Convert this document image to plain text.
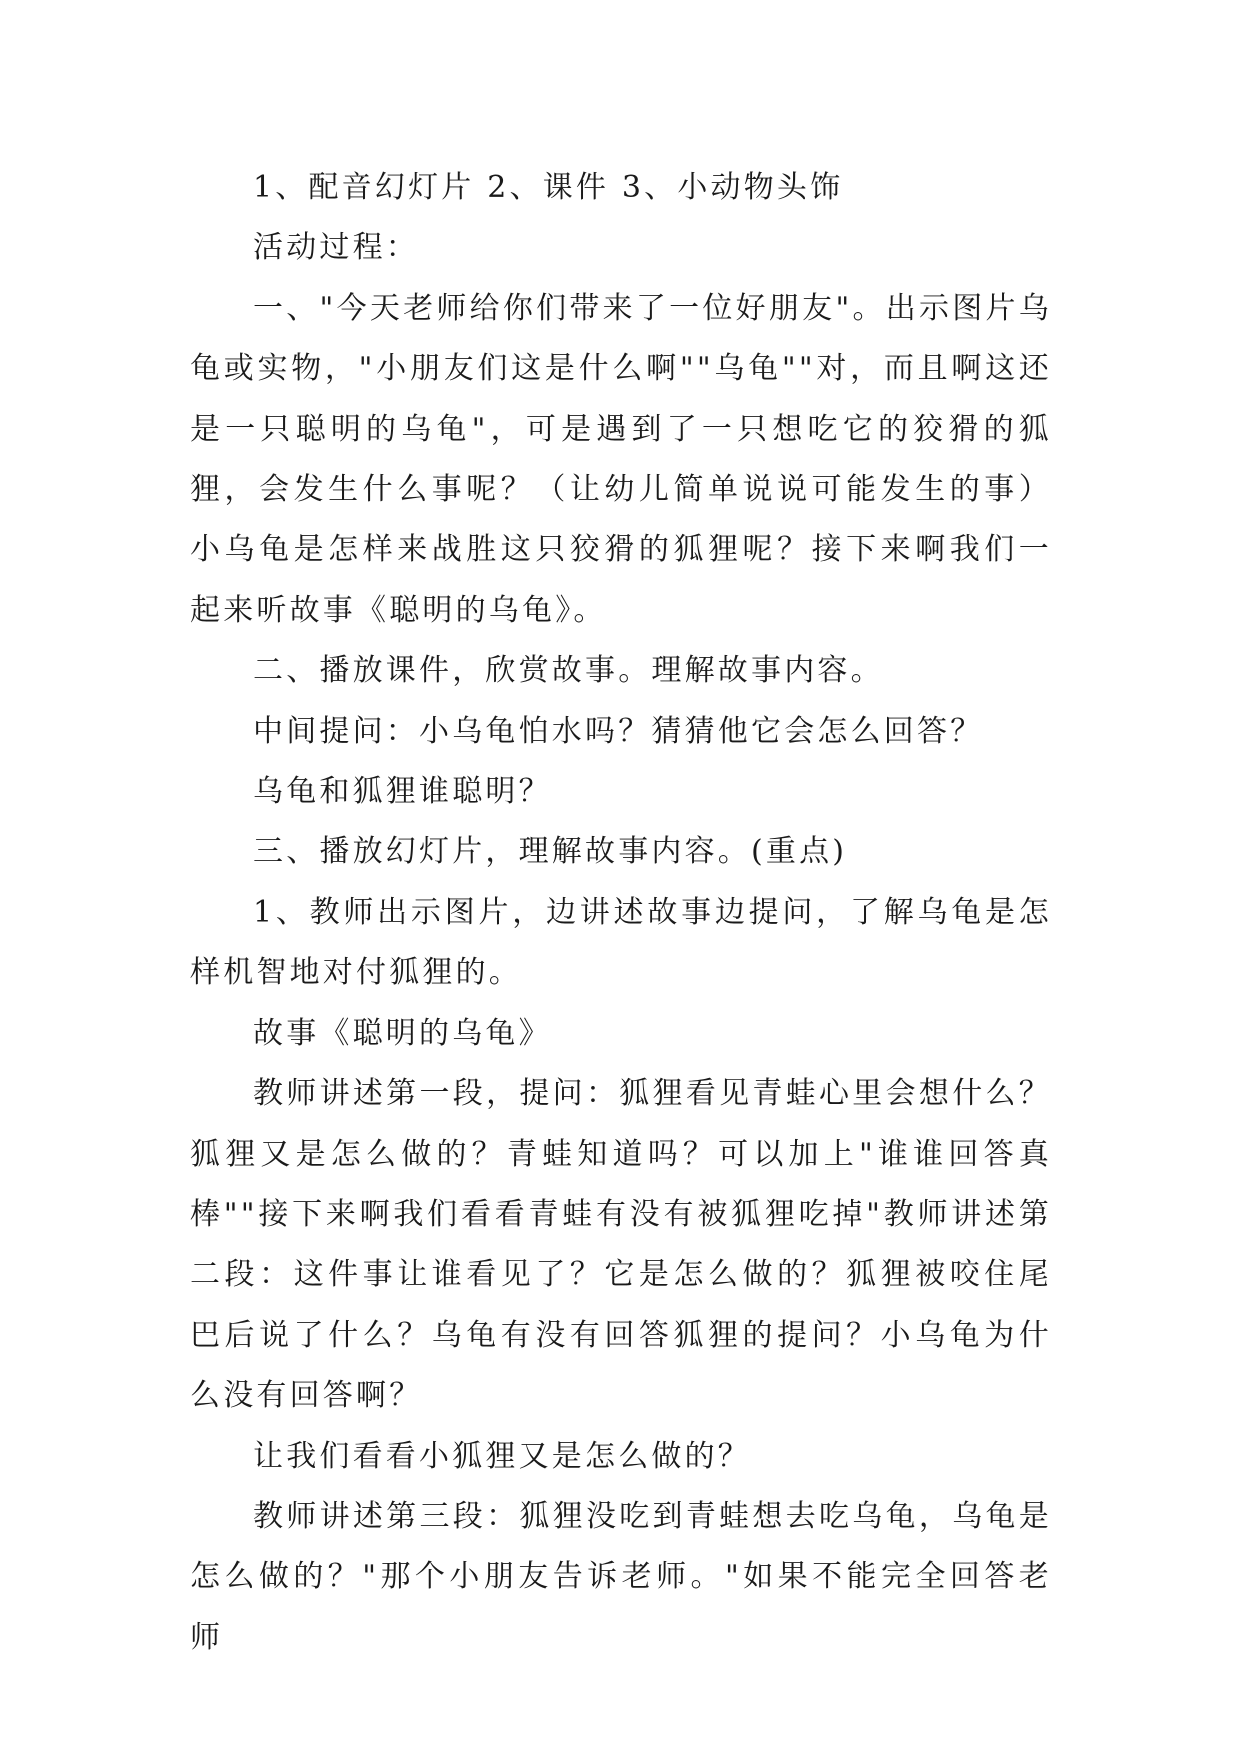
1、配音幻灯片 2、课件 3、小动物头饰

活动过程：

一、"今天老师给你们带来了一位好朋友"。出示图片乌龟或实物，"小朋友们这是什么啊""乌龟""对，而且啊这还是一只聪明的乌龟"，可是遇到了一只想吃它的狡猾的狐狸，会发生什么事呢？（让幼儿简单说说可能发生的事）小乌龟是怎样来战胜这只狡猾的狐狸呢？接下来啊我们一起来听故事《聪明的乌龟》。

二、播放课件，欣赏故事。理解故事内容。

中间提问：小乌龟怕水吗？猜猜他它会怎么回答？

乌龟和狐狸谁聪明？

三、播放幻灯片，理解故事内容。(重点)

1、教师出示图片，边讲述故事边提问，了解乌龟是怎样机智地对付狐狸的。

故事《聪明的乌龟》

教师讲述第一段，提问：狐狸看见青蛙心里会想什么？狐狸又是怎么做的？青蛙知道吗？可以加上"谁谁回答真棒""接下来啊我们看看青蛙有没有被狐狸吃掉"教师讲述第二段：这件事让谁看见了？它是怎么做的？狐狸被咬住尾巴后说了什么？乌龟有没有回答狐狸的提问？小乌龟为什么没有回答啊？

让我们看看小狐狸又是怎么做的？

教师讲述第三段：狐狸没吃到青蛙想去吃乌龟，乌龟是怎么做的？"那个小朋友告诉老师。"如果不能完全回答老师
